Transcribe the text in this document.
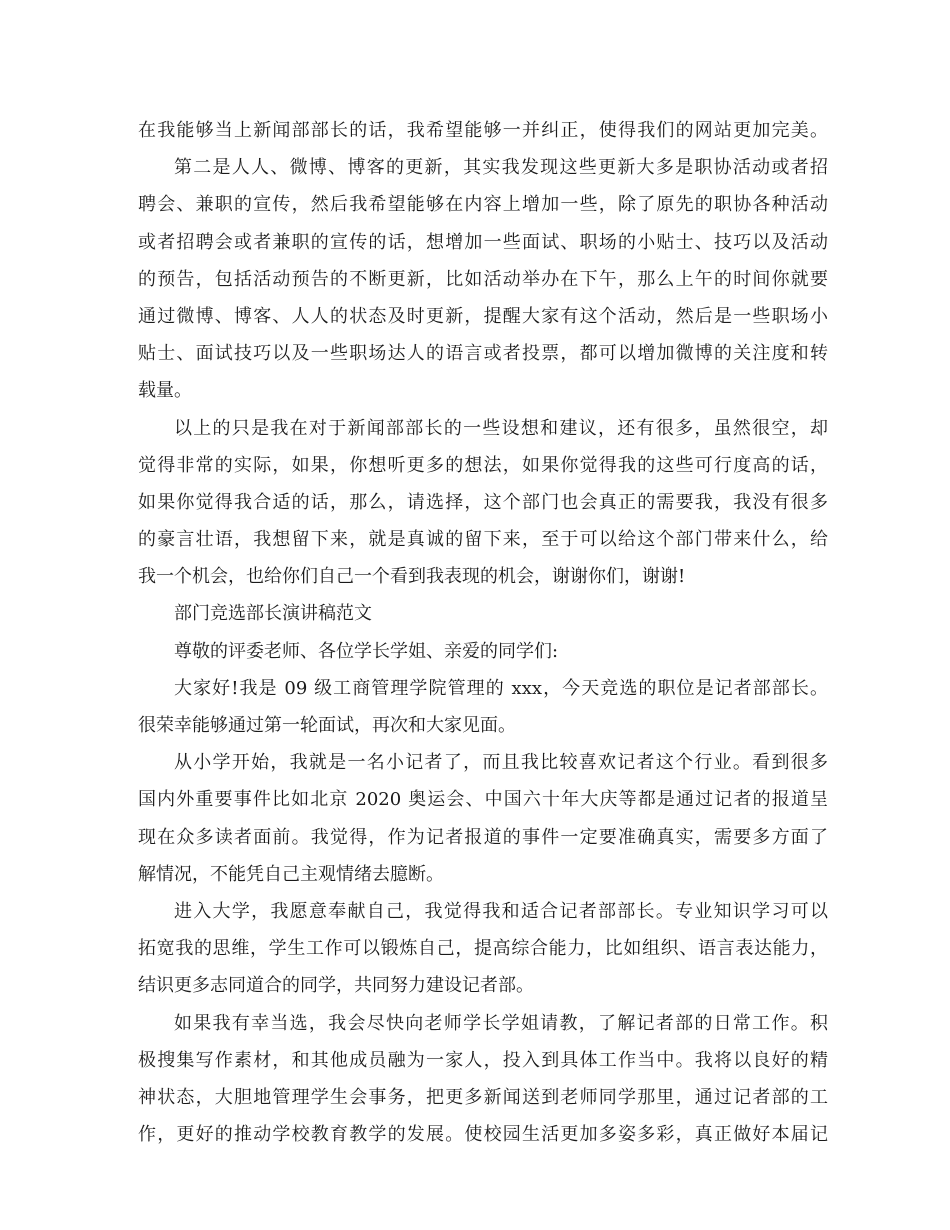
在我能够当上新闻部部长的话，我希望能够一并纠正，使得我们的网站更加完美。
第二是人人、微博、博客的更新，其实我发现这些更新大多是职协活动或者招
聘会、兼职的宣传，然后我希望能够在内容上增加一些，除了原先的职协各种活动
或者招聘会或者兼职的宣传的话，想增加一些面试、职场的小贴士、技巧以及活动
的预告，包括活动预告的不断更新，比如活动举办在下午，那么上午的时间你就要
通过微博、博客、人人的状态及时更新，提醒大家有这个活动，然后是一些职场小
贴士、面试技巧以及一些职场达人的语言或者投票，都可以增加微博的关注度和转
载量。
以上的只是我在对于新闻部部长的一些设想和建议，还有很多，虽然很空，却
觉得非常的实际，如果，你想听更多的想法，如果你觉得我的这些可行度高的话，
如果你觉得我合适的话，那么，请选择，这个部门也会真正的需要我，我没有很多
的豪言壮语，我想留下来，就是真诚的留下来，至于可以给这个部门带来什么，给
我一个机会，也给你们自己一个看到我表现的机会，谢谢你们，谢谢!
部门竞选部长演讲稿范文
尊敬的评委老师、各位学长学姐、亲爱的同学们:
大家好!我是 09 级工商管理学院管理的 xxx，今天竞选的职位是记者部部长。
很荣幸能够通过第一轮面试，再次和大家见面。
从小学开始，我就是一名小记者了，而且我比较喜欢记者这个行业。看到很多
国内外重要事件比如北京 2020 奥运会、中国六十年大庆等都是通过记者的报道呈
现在众多读者面前。我觉得，作为记者报道的事件一定要准确真实，需要多方面了
解情况，不能凭自己主观情绪去臆断。
进入大学，我愿意奉献自己，我觉得我和适合记者部部长。专业知识学习可以
拓宽我的思维，学生工作可以锻炼自己，提高综合能力，比如组织、语言表达能力，
结识更多志同道合的同学，共同努力建设记者部。
如果我有幸当选，我会尽快向老师学长学姐请教，了解记者部的日常工作。积
极搜集写作素材，和其他成员融为一家人，投入到具体工作当中。我将以良好的精
神状态，大胆地管理学生会事务，把更多新闻送到老师同学那里，通过记者部的工
作，更好的推动学校教育教学的发展。使校园生活更加多姿多彩，真正做好本届记
